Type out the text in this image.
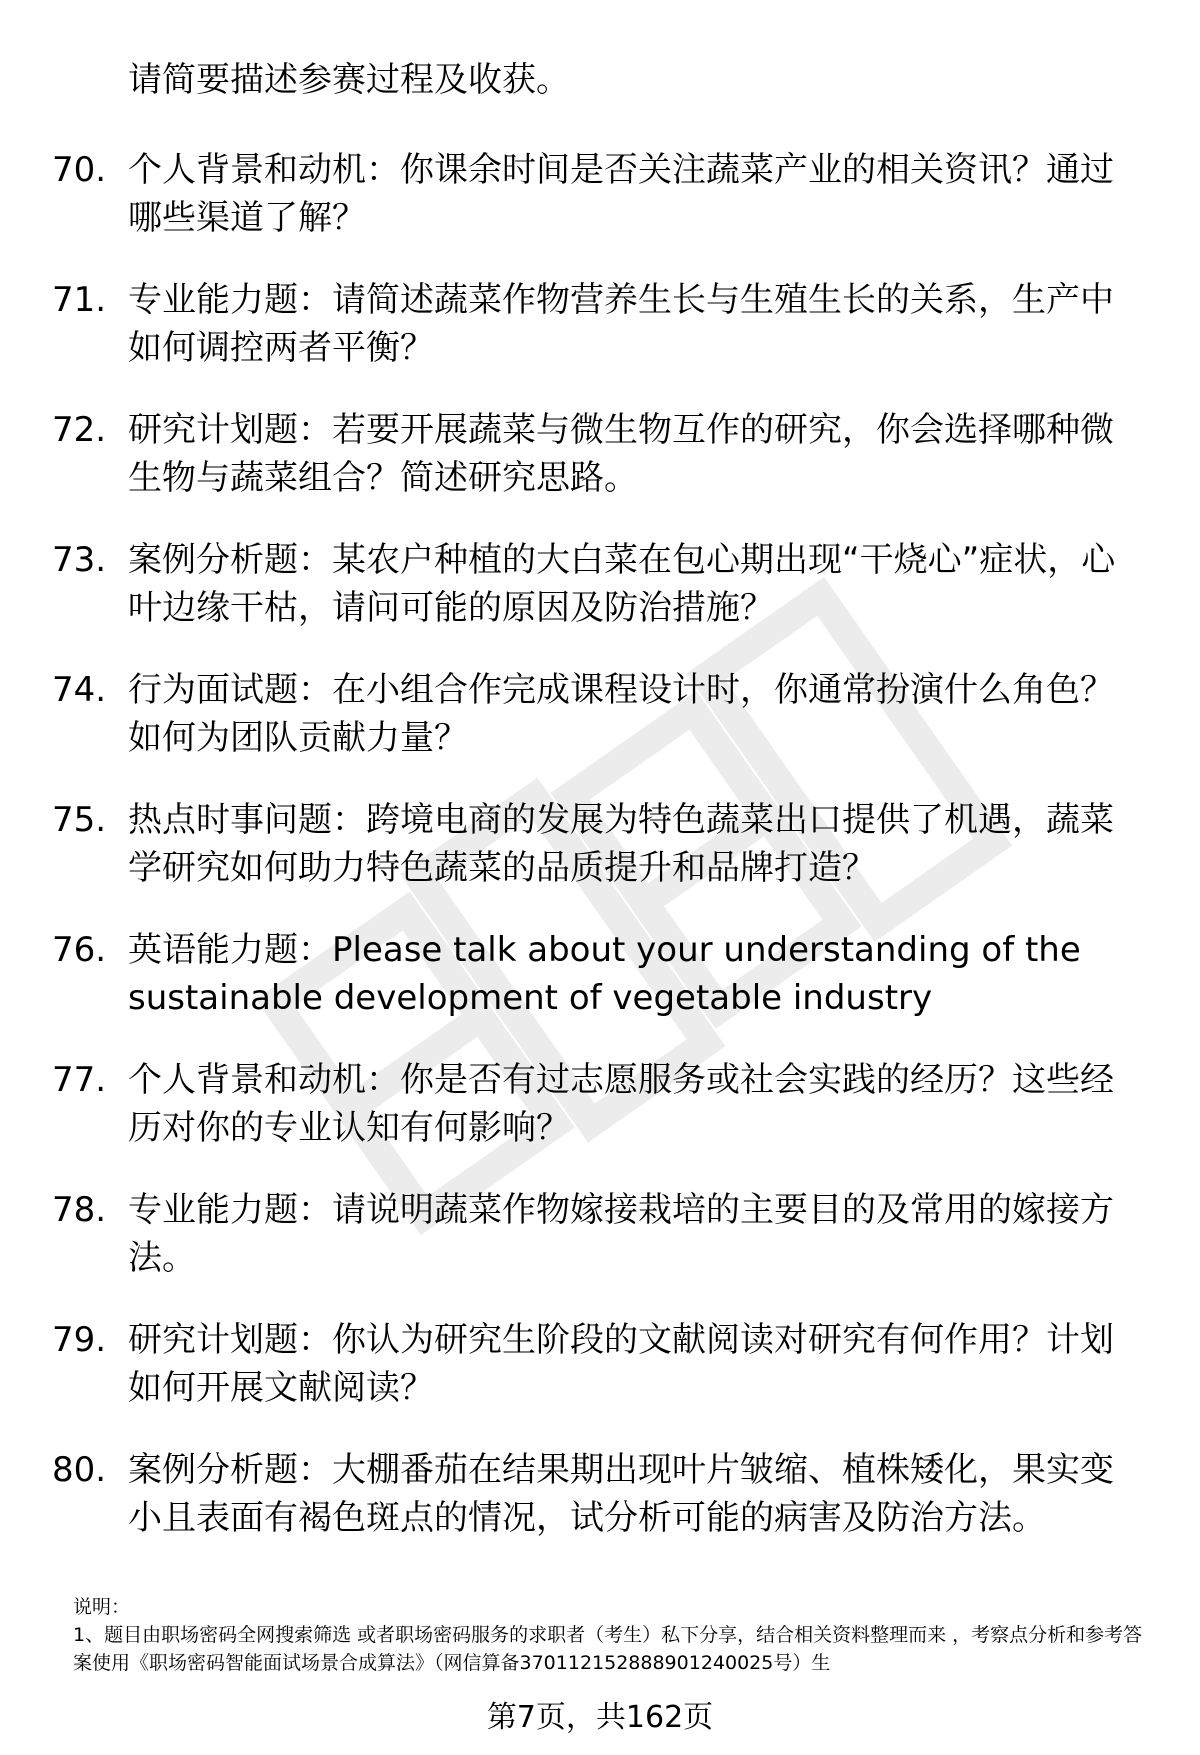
请简要描述参赛过程及收获。
70. 个人背景和动机：你课余时间是否关注蔬菜产业的相关资讯？通过哪些渠道了解？
71. 专业能力题：请简述蔬菜作物营养生长与生殖生长的关系，生产中如何调控两者平衡？
72. 研究计划题：若要开展蔬菜与微生物互作的研究，你会选择哪种微生物与蔬菜组合？简述研究思路。
73. 案例分析题：某农户种植的大白菜在包心期出现“干烧心”症状，心叶边缘干枯，请问可能的原因及防治措施？
74. 行为面试题：在小组合作完成课程设计时，你通常扮演什么角色？如何为团队贡献力量？
75. 热点时事问题：跨境电商的发展为特色蔬菜出口提供了机遇，蔬菜学研究如何助力特色蔬菜的品质提升和品牌打造？
76. 英语能力题：Please talk about your understanding of the sustainable development of vegetable industry
77. 个人背景和动机：你是否有过志愿服务或社会实践的经历？这些经历对你的专业认知有何影响？
78. 专业能力题：请说明蔬菜作物嫁接栽培的主要目的及常用的嫁接方法。
79. 研究计划题：你认为研究生阶段的文献阅读对研究有何作用？计划如何开展文献阅读？
80. 案例分析题：大棚番茄在结果期出现叶片皱缩、植株矮化，果实变小且表面有褐色斑点的情况，试分析可能的病害及防治方法。

说明：

1、题目由职场密码全网搜索筛选 或者职场密码服务的求职者（考生）私下分享，结合相关资料整理而来 ，考察点分析和参考答案使用《职场密码智能面试场景合成算法》（网信算备370112152888901240025号）生

第7页，共162页
